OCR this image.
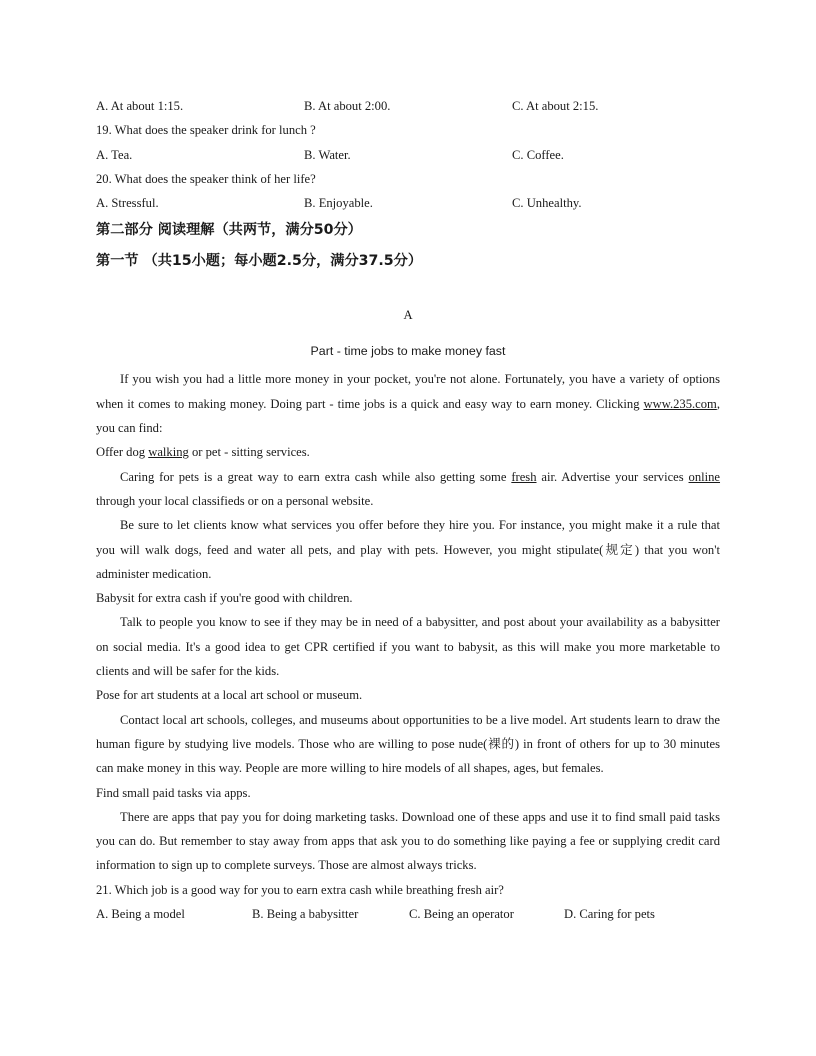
A. At about 1:15.	B. At about 2:00.	C. At about 2:15.
19. What does the speaker drink for lunch ?
A. Tea.	B. Water.	C. Coffee.
20. What does the speaker think of her life?
A. Stressful.	B. Enjoyable.	C. Unhealthy.
第二部分 阅读理解（共两节，满分50分）
第一节 （共15小题；每小题2.5分，满分37.5分）
A
Part - time jobs to make money fast

If you wish you had a little more money in your pocket, you're not alone. Fortunately, you have a variety of options when it comes to making money. Doing part - time jobs is a quick and easy way to earn money. Clicking www.235.com, you can find:

Offer dog walking or pet - sitting services.

Caring for pets is a great way to earn extra cash while also getting some fresh air. Advertise your services online through your local classifieds or on a personal website.

Be sure to let clients know what services you offer before they hire you. For instance, you might make it a rule that you will walk dogs, feed and water all pets, and play with pets. However, you might stipulate(规定) that you won't administer medication.

Babysit for extra cash if you're good with children.

Talk to people you know to see if they may be in need of a babysitter, and post about your availability as a babysitter on social media. It's a good idea to get CPR certified if you want to babysit, as this will make you more marketable to clients and will be safer for the kids.

Pose for art students at a local art school or museum.

Contact local art schools, colleges, and museums about opportunities to be a live model. Art students learn to draw the human figure by studying live models. Those who are willing to pose nude(裸的) in front of others for up to 30 minutes can make money in this way. People are more willing to hire models of all shapes, ages, but females.

Find small paid tasks via apps.

There are apps that pay you for doing marketing tasks. Download one of these apps and use it to find small paid tasks you can do. But remember to stay away from apps that ask you to do something like paying a fee or supplying credit card information to sign up to complete surveys. Those are almost always tricks.

21. Which job is a good way for you to earn extra cash while breathing fresh air?
A. Being a model	B. Being a babysitter	C. Being an operator	D. Caring for pets
